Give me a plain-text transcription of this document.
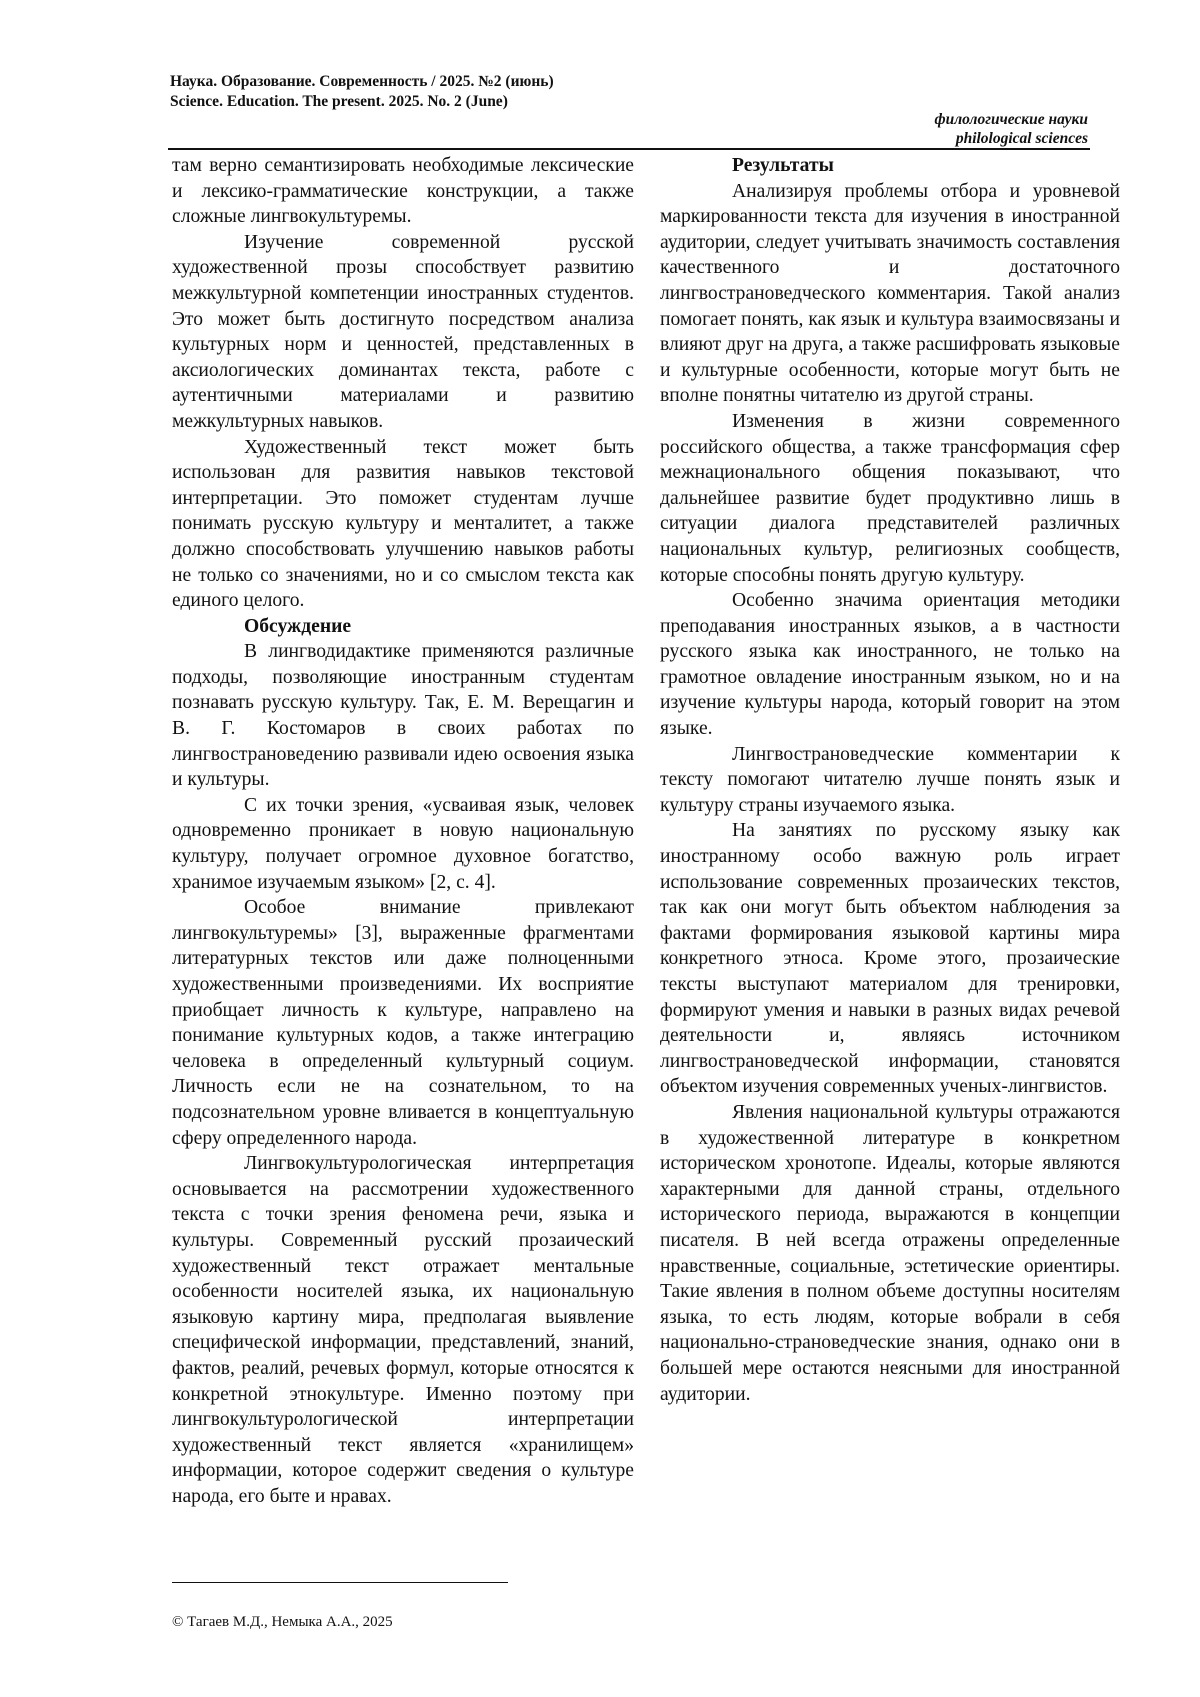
Наука. Образование. Современность / 2025. №2 (июнь)
Science. Education. The present. 2025. No. 2 (June)
филологические науки
philological sciences

там верно семантизировать необходимые лексические и лексико-грамматические конструкции, а также сложные лингвокультуремы.

Изучение современной русской художественной прозы способствует развитию межкультурной компетенции иностранных студентов. Это может быть достигнуто посредством анализа культурных норм и ценностей, представленных в аксиологических доминантах текста, работе с аутентичными материалами и развитию межкультурных навыков.

Художественный текст может быть использован для развития навыков текстовой интерпретации. Это поможет студентам лучше понимать русскую культуру и менталитет, а также должно способствовать улучшению навыков работы не только со значениями, но и со смыслом текста как единого целого.

Обсуждение

В лингводидактике применяются различные подходы, позволяющие иностранным студентам познавать русскую культуру. Так, Е. М. Верещагин и В. Г. Костомаров в своих работах по лингвострановедению развивали идею освоения языка и культуры.

С их точки зрения, «усваивая язык, человек одновременно проникает в новую национальную культуру, получает огромное духовное богатство, хранимое изучаемым языком» [2, с. 4].

Особое внимание привлекают лингвокультуремы» [3], выраженные фрагментами литературных текстов или даже полноценными художественными произведениями. Их восприятие приобщает личность к культуре, направлено на понимание культурных кодов, а также интеграцию человека в определенный культурный социум. Личность если не на сознательном, то на подсознательном уровне вливается в концептуальную сферу определенного народа.

Лингвокультурологическая интерпретация основывается на рассмотрении художественного текста с точки зрения феномена речи, языка и культуры. Современный русский прозаический художественный текст отражает ментальные особенности носителей языка, их национальную языковую картину мира, предполагая выявление специфической информации, представлений, знаний, фактов, реалий, речевых формул, которые относятся к конкретной этнокультуре. Именно поэтому при лингвокультурологической интерпретации художественный текст является «хранилищем» информации, которое содержит сведения о культуре народа, его быте и нравах.

Результаты

Анализируя проблемы отбора и уровневой маркированности текста для изучения в иностранной аудитории, следует учитывать значимость составления качественного и достаточного лингвострановедческого комментария. Такой анализ помогает понять, как язык и культура взаимосвязаны и влияют друг на друга, а также расшифровать языковые и культурные особенности, которые могут быть не вполне понятны читателю из другой страны.

Изменения в жизни современного российского общества, а также трансформация сфер межнационального общения показывают, что дальнейшее развитие будет продуктивно лишь в ситуации диалога представителей различных национальных культур, религиозных сообществ, которые способны понять другую культуру.

Особенно значима ориентация методики преподавания иностранных языков, а в частности русского языка как иностранного, не только на грамотное овладение иностранным языком, но и на изучение культуры народа, который говорит на этом языке.

Лингвострановедческие комментарии к тексту помогают читателю лучше понять язык и культуру страны изучаемого языка.

На занятиях по русскому языку как иностранному особо важную роль играет использование современных прозаических текстов, так как они могут быть объектом наблюдения за фактами формирования языковой картины мира конкретного этноса. Кроме этого, прозаические тексты выступают материалом для тренировки, формируют умения и навыки в разных видах речевой деятельности и, являясь источником лингвострановедческой информации, становятся объектом изучения современных ученых-лингвистов.

Явления национальной культуры отражаются в художественной литературе в конкретном историческом хронотопе. Идеалы, которые являются характерными для данной страны, отдельного исторического периода, выражаются в концепции писателя. В ней всегда отражены определенные нравственные, социальные, эстетические ориентиры. Такие явления в полном объеме доступны носителям языка, то есть людям, которые вобрали в себя национально-страноведческие знания, однако они в большей мере остаются неясными для иностранной аудитории.

© Тагаев М.Д., Немыка А.А., 2025
